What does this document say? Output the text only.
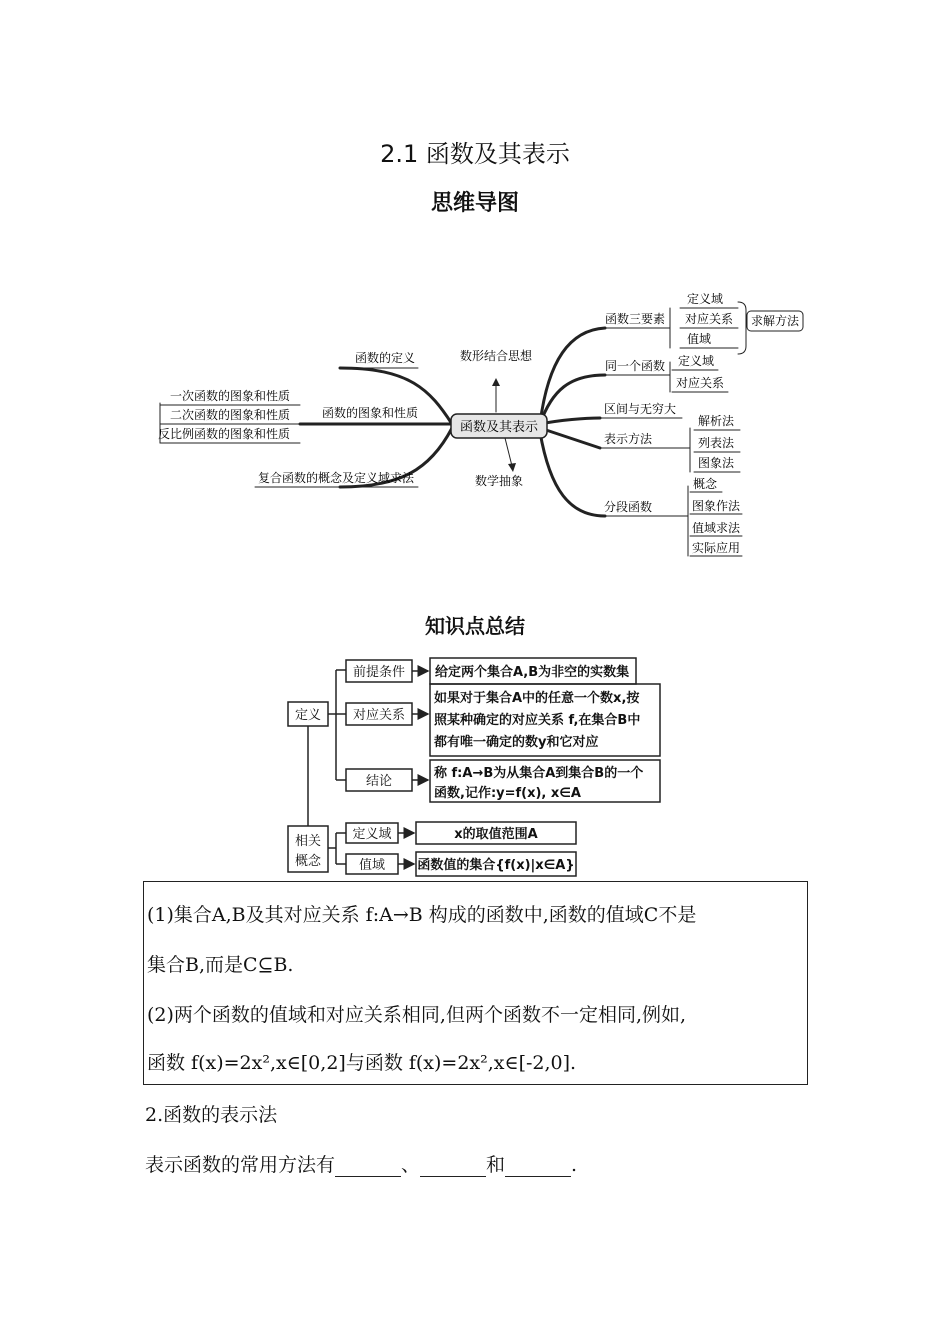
2.1 函数及其表示
思维导图
函数及其表示
数形结合思想
数学抽象
函数的定义
函数的图象和性质
一次函数的图象和性质
二次函数的图象和性质
反比例函数的图象和性质
复合函数的概念及定义域求法
函数三要素
定义域
对应关系
值域
求解方法
同一个函数 定义域
对应关系
区间与无穷大
表示方法
解析法
列表法
图象法
分段函数
概念
图象作法
值域求法
实际应用
知识点总结
定义
相关
概念
前提条件 给定两个集合A,B为非空的实数集
对应关系
如果对于集合A中的任意一个数x,按
照某种确定的对应关系 f,在集合B中
都有唯一确定的数y和它对应
结论
称 f:A→B为从集合A到集合B的一个
函数,记作:y=f(x), x∈A
定义域	x的取值范围A
值域 函数值的集合{f(x)|x∈A}
(1)集合A,B及其对应关系 f:A→B 构成的函数中,函数的值域C不是
集合B,而是C⊆B.
(2)两个函数的值域和对应关系相同,但两个函数不一定相同,例如,
函数 f(x)=2x²,x∈[0,2]与函数 f(x)=2x²,x∈[-2,0].
2.函数的表示法
表示函数的常用方法有	、	和	.
